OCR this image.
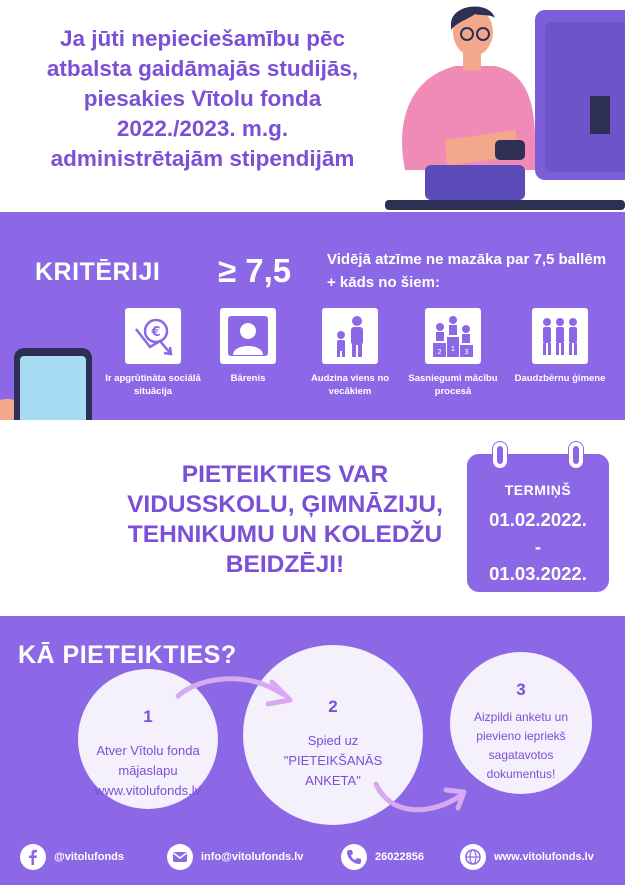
Ja jūti nepieciešamību pēc
atbalsta gaidāmajās studijās,
piesakies Vītolu fonda
2022./2023. m.g.
administrētajām stipendijām
KRITĒRIJI ≥ 7,5 Vidējā atzīme ne mazāka par 7,5 ballēm + kāds no šiem:
€
Ir apgrūtināta sociālā situācija
Bārenis	Audzina viens no vecākiem
1
2	3
Sasniegumi mācību procesā
Daudzbērnu ģimene
PIETEIKTIES VAR
VIDUSSKOLU, ĢIMNĀZIJU,
TEHNIKUMU UN KOLEDŽU
BEIDZĒJI!
TERMIŅŠ
01.02.2022.
-
01.03.2022.
KĀ PIETEIKTIES?
1
Atver Vītolu fonda
mājaslapu
www.vitolufonds.lv
2
Spied uz
"PIETEIKŠANĀS
ANKETA"
3
Aizpildi anketu un
pievieno iepriekš
sagatavotos
dokumentus!
@vitolufonds	info@vitolufonds.lv	26022856	www.vitolufonds.lv
